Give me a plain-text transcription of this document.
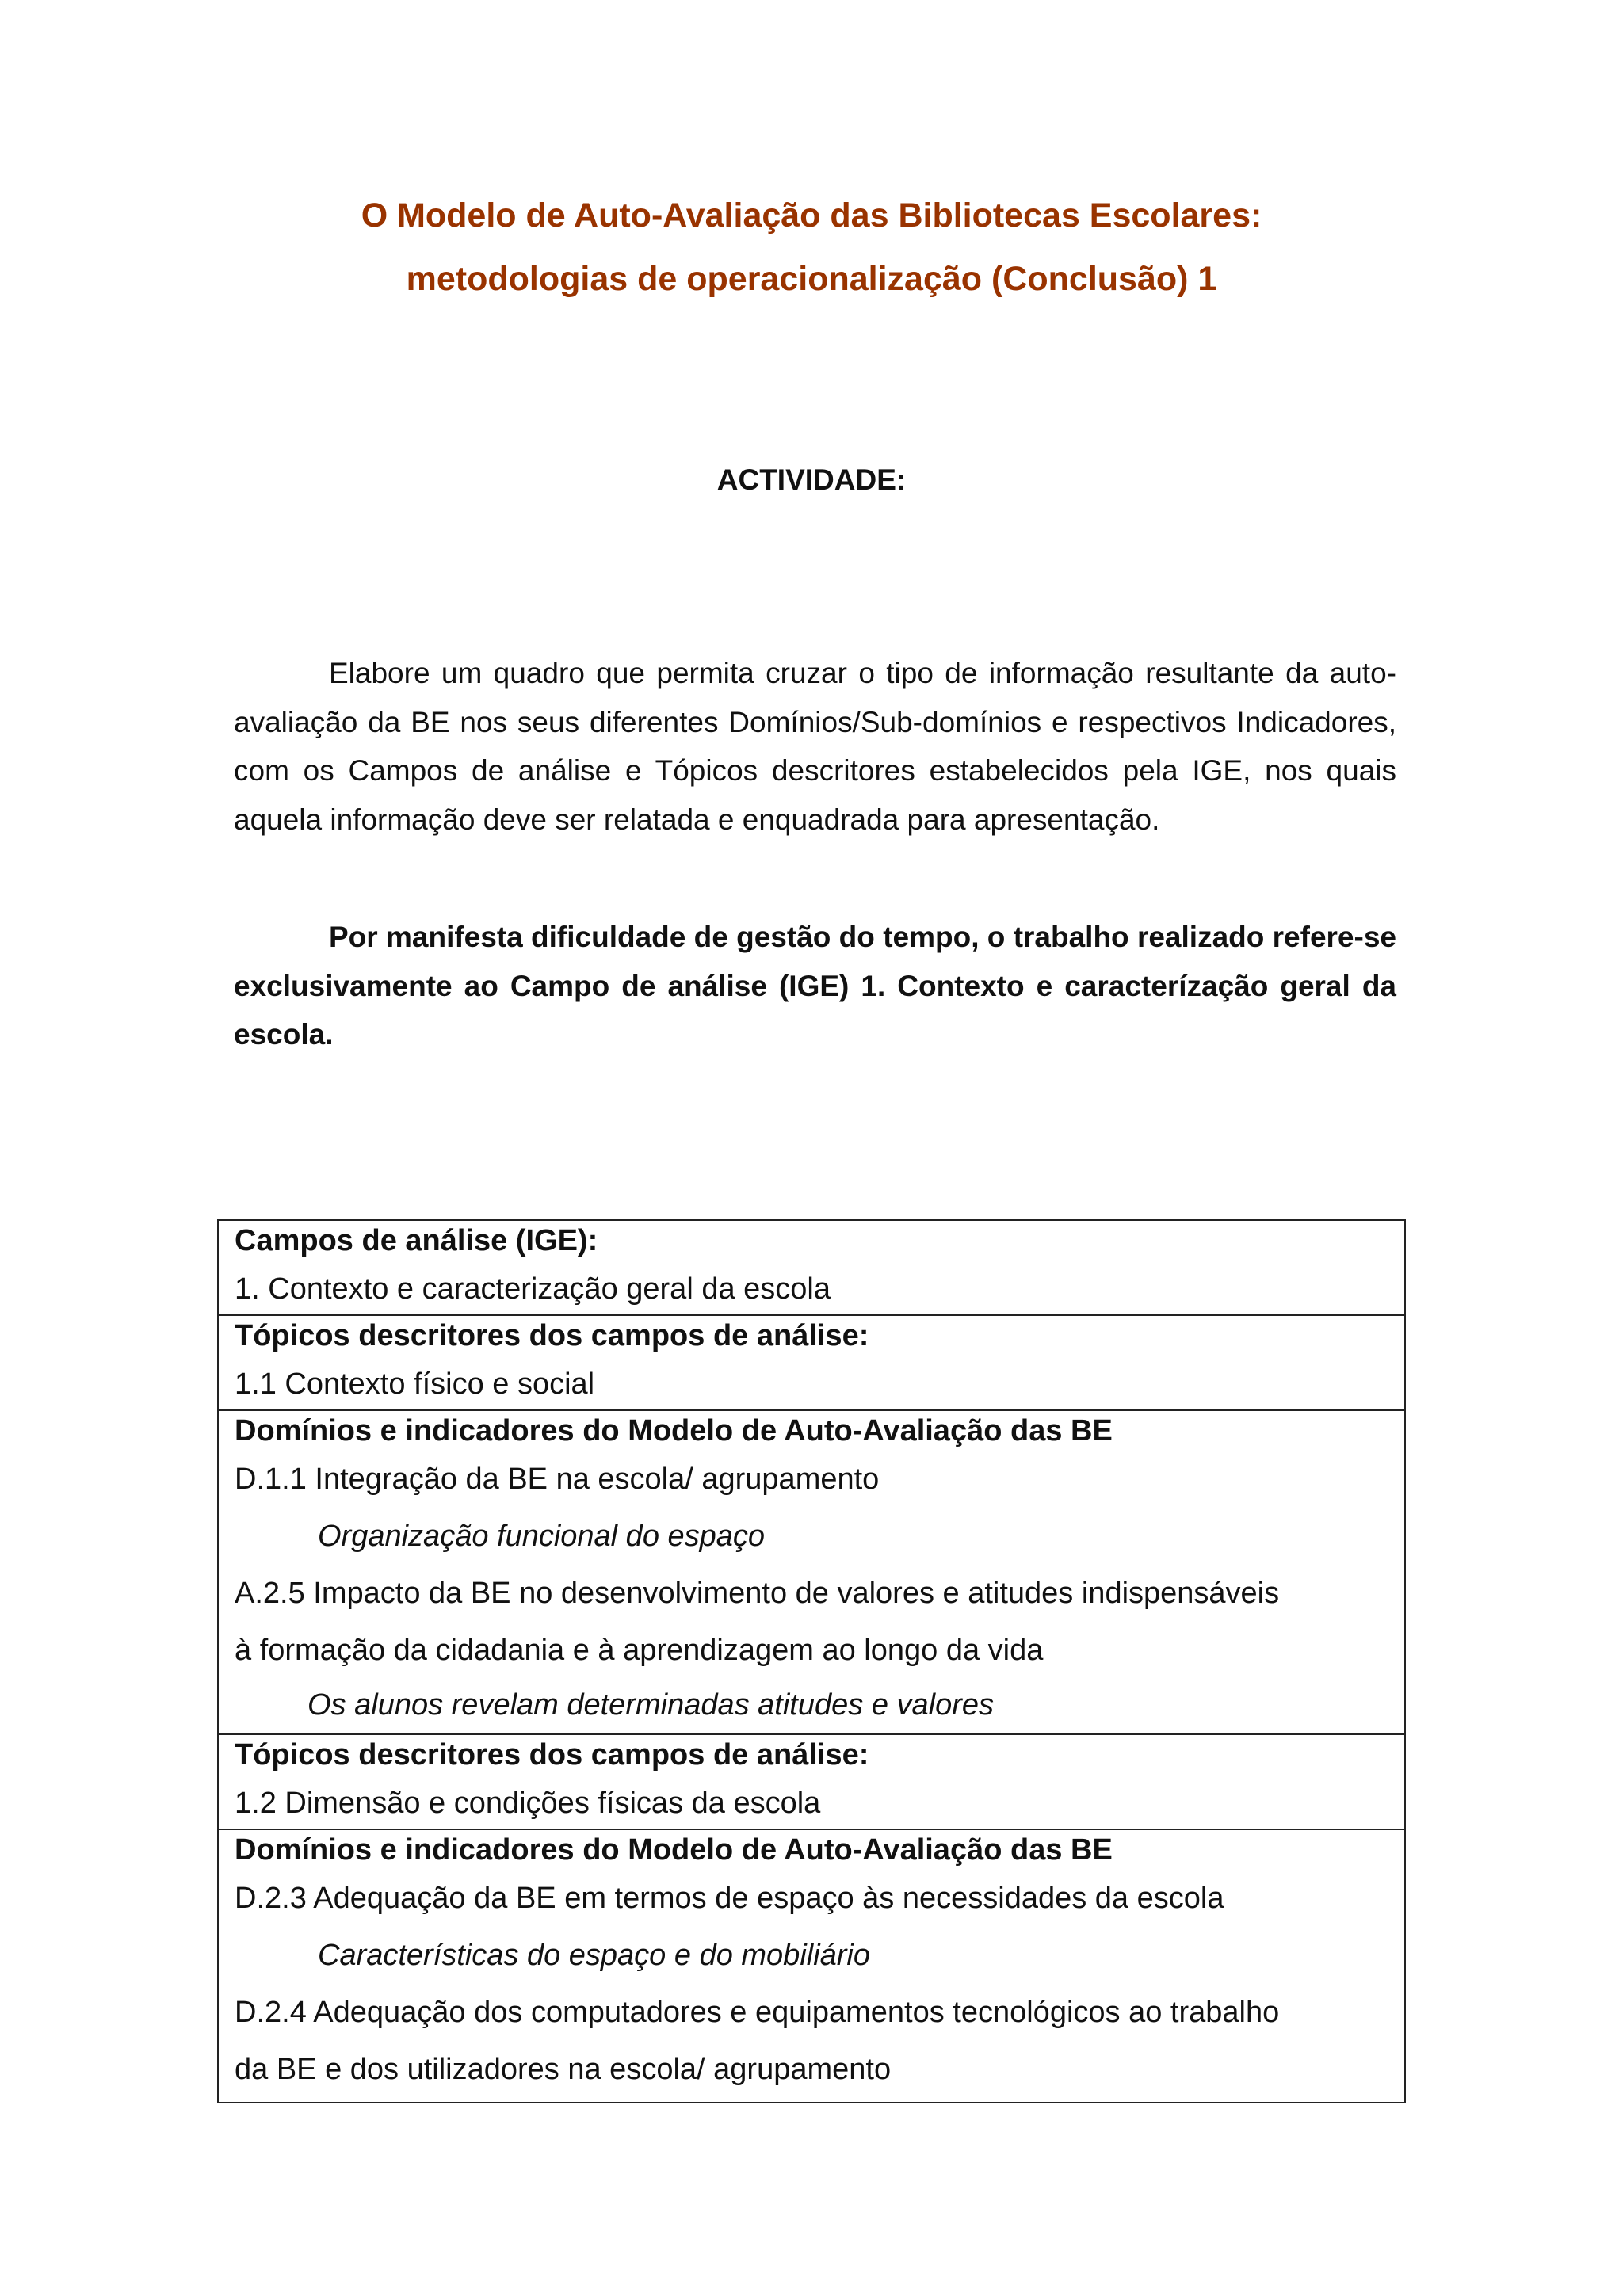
O Modelo de Auto-Avaliação das Bibliotecas Escolares:
metodologias de operacionalização (Conclusão) 1
ACTIVIDADE:

Elabore um quadro que permita cruzar o tipo de informação resultante da auto-avaliação da BE nos seus diferentes Domínios/Sub-domínios e respectivos Indicadores, com os Campos de análise e Tópicos descritores estabelecidos pela IGE, nos quais aquela informação deve ser relatada e enquadrada para apresentação.

Por manifesta dificuldade de gestão do tempo, o trabalho realizado refere-se exclusivamente ao Campo de análise (IGE) 1. Contexto e caracterízação geral da escola.

Campos de análise (IGE):

1. Contexto e caracterização geral da escola

Tópicos descritores dos campos de análise:

1.1 Contexto físico e social

Domínios e indicadores do Modelo de Auto-Avaliação das BE

D.1.1 Integração da BE na escola/ agrupamento

Organização funcional do espaço

A.2.5 Impacto da BE no desenvolvimento de valores e atitudes indispensáveis

à formação da cidadania e à aprendizagem ao longo da vida

Os alunos revelam determinadas atitudes e valores

Tópicos descritores dos campos de análise:

1.2 Dimensão e condições físicas da escola

Domínios e indicadores do Modelo de Auto-Avaliação das BE

D.2.3 Adequação da BE em termos de espaço às necessidades da escola

Características do espaço e do mobiliário

D.2.4 Adequação dos computadores e equipamentos tecnológicos ao trabalho

da BE e dos utilizadores na escola/ agrupamento
